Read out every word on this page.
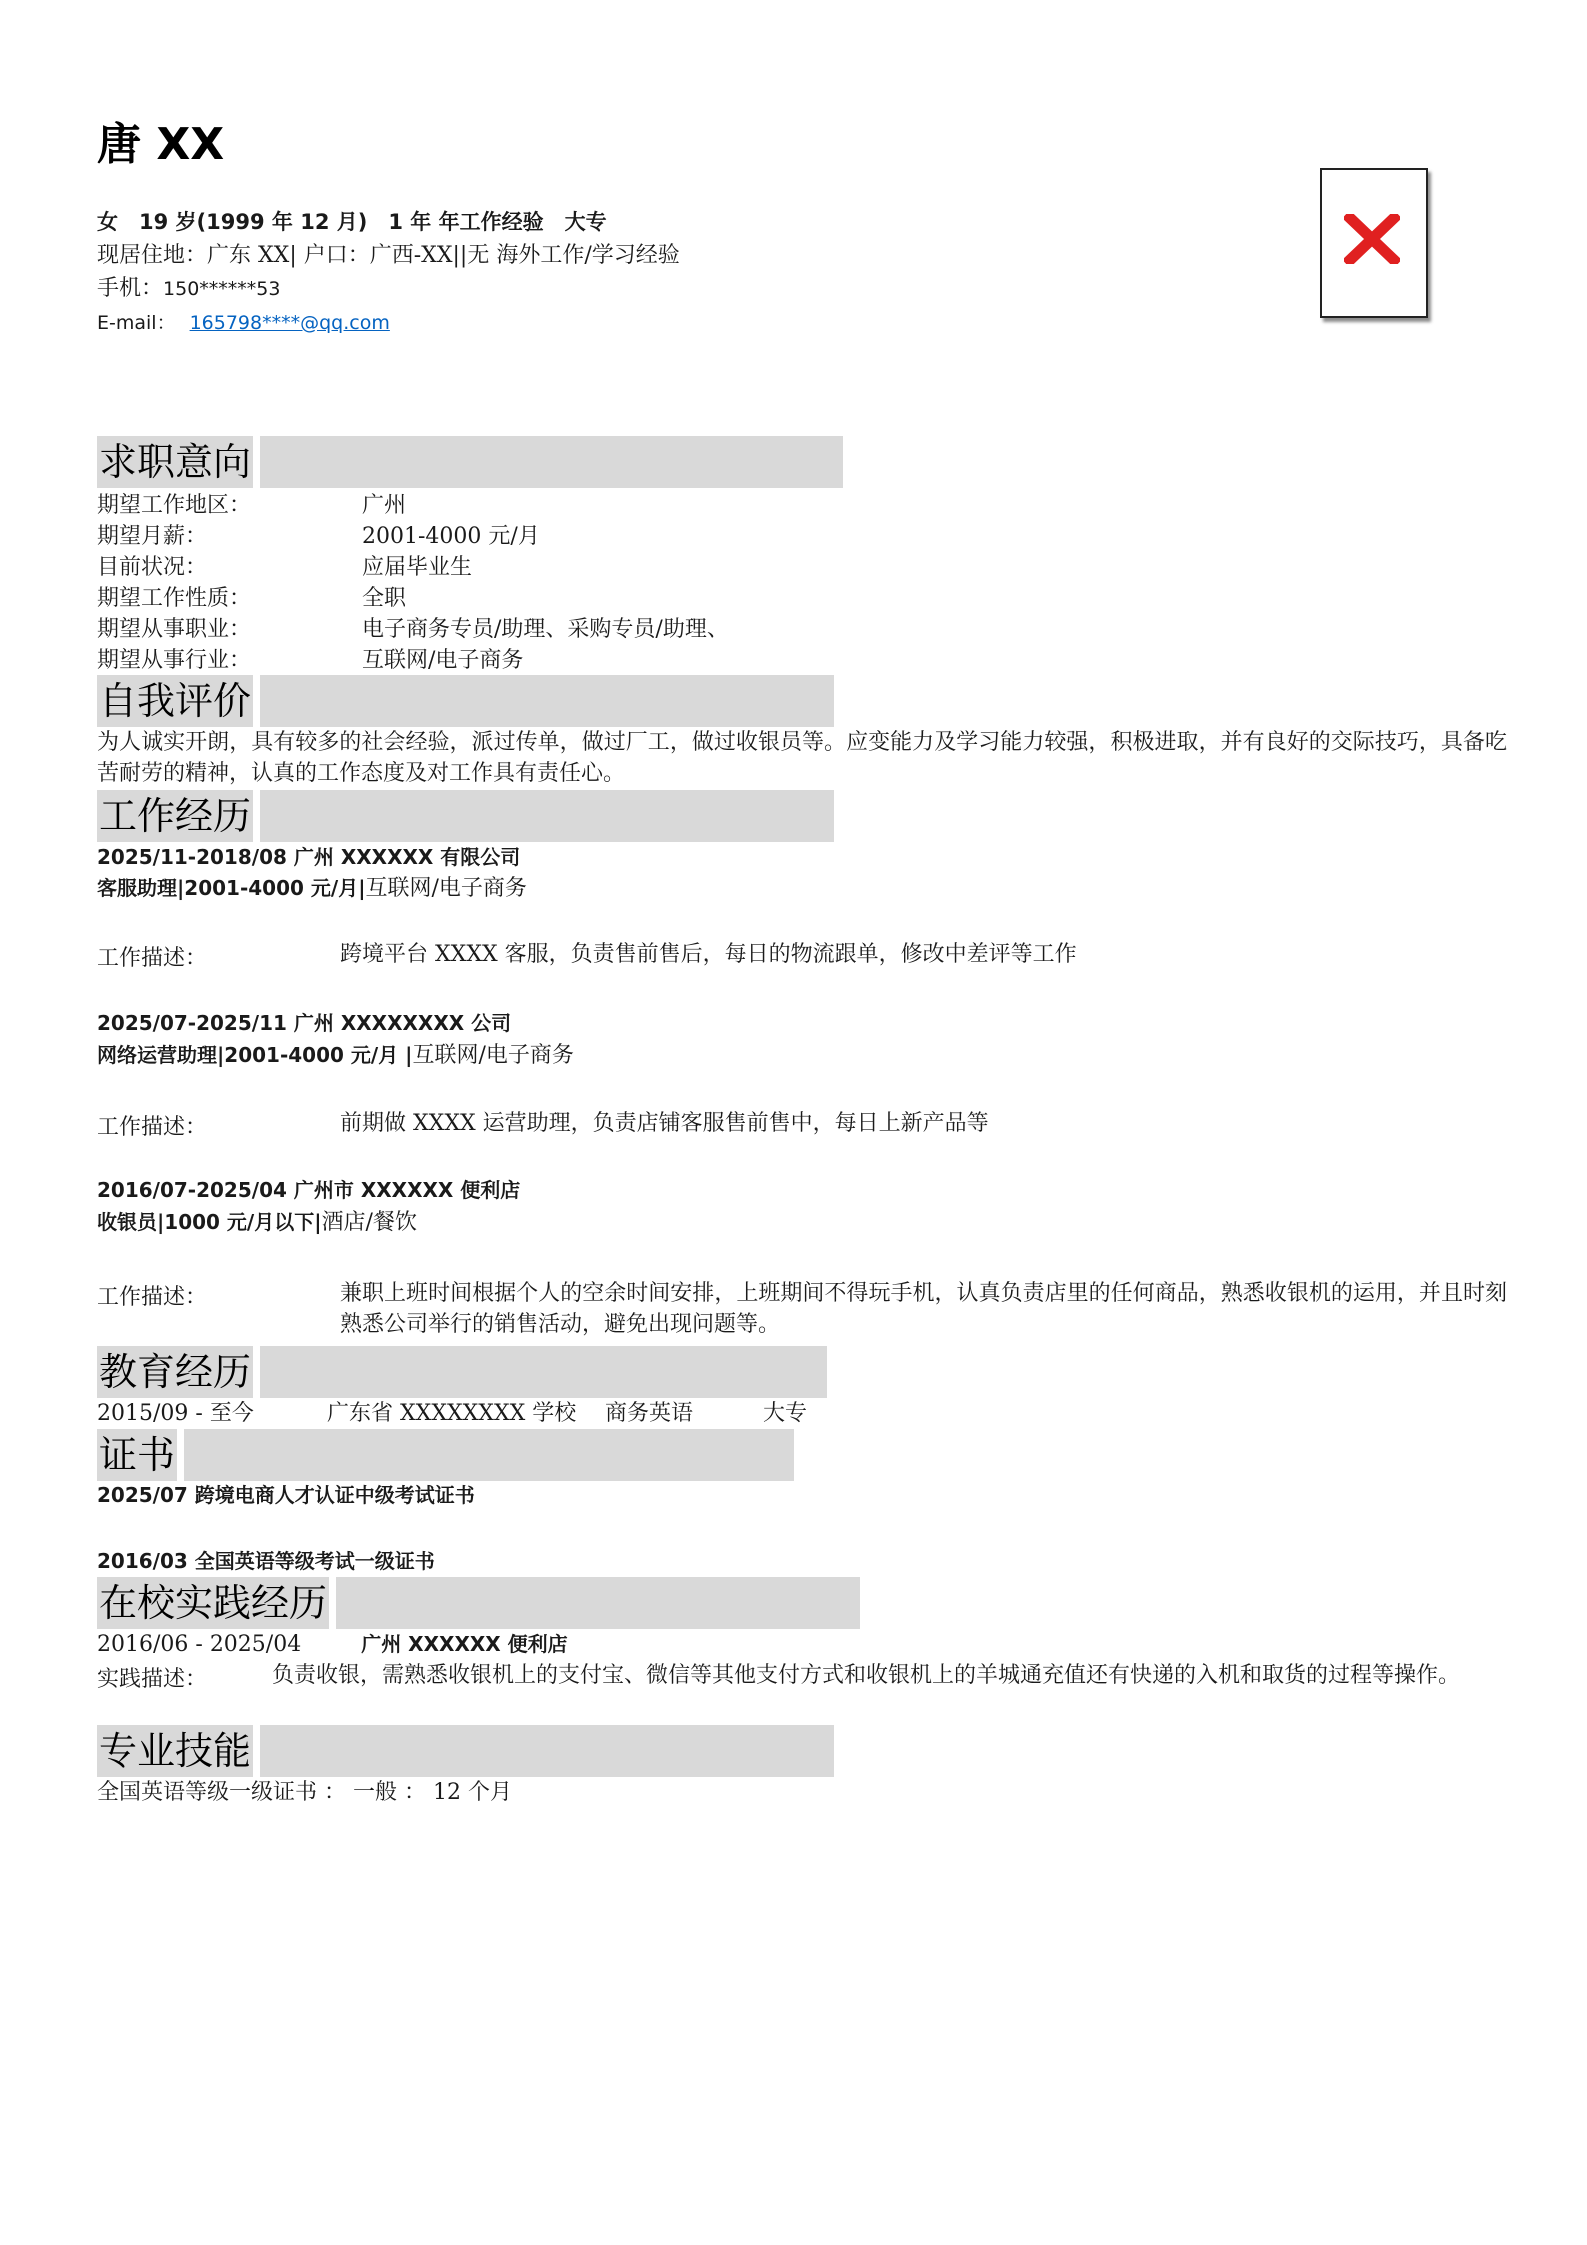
唐 XX
女　19 岁(1999 年 12 月)　1 年 年工作经验　大专
现居住地：广东 XX| 户口：广西-XX||无 海外工作/学习经验
手机：150******53
E-mail： 165798****@qq.com
求职意向
期望工作地区：	广州
期望月薪：	2001-4000 元/月
目前状况：	应届毕业生
期望工作性质：	全职
期望从事职业：	电子商务专员/助理、采购专员/助理、
期望从事行业：	互联网/电子商务
自我评价
为人诚实开朗，具有较多的社会经验，派过传单，做过厂工，做过收银员等。应变能力及学习能力较强，积极进取，并有良好的交际技巧，具备吃苦耐劳的精神，认真的工作态度及对工作具有责任心。
工作经历
2025/11-2018/08 广州 XXXXXX 有限公司
客服助理|2001-4000 元/月|互联网/电子商务
工作描述：	跨境平台 XXXX 客服，负责售前售后，每日的物流跟单，修改中差评等工作
2025/07-2025/11 广州 XXXXXXXX 公司
网络运营助理|2001-4000 元/月 |互联网/电子商务
工作描述：	前期做 XXXX 运营助理，负责店铺客服售前售中，每日上新产品等
2016/07-2025/04 广州市 XXXXXX 便利店
收银员|1000 元/月以下|酒店/餐饮
工作描述：	兼职上班时间根据个人的空余时间安排，上班期间不得玩手机，认真负责店里的任何商品，熟悉收银机的运用，并且时刻熟悉公司举行的销售活动，避免出现问题等。
教育经历
2015/09 - 至今	广东省 XXXXXXXX 学校 商务英语	大专
证书
2025/07 跨境电商人才认证中级考试证书
2016/03 全国英语等级考试一级证书
在校实践经历
2016/06 - 2025/04	广州 XXXXXX 便利店
实践描述：	负责收银，需熟悉收银机上的支付宝、微信等其他支付方式和收银机上的羊城通充值还有快递的入机和取货的过程等操作。
专业技能
全国英语等级一级证书 ： 一般 ： 12 个月
